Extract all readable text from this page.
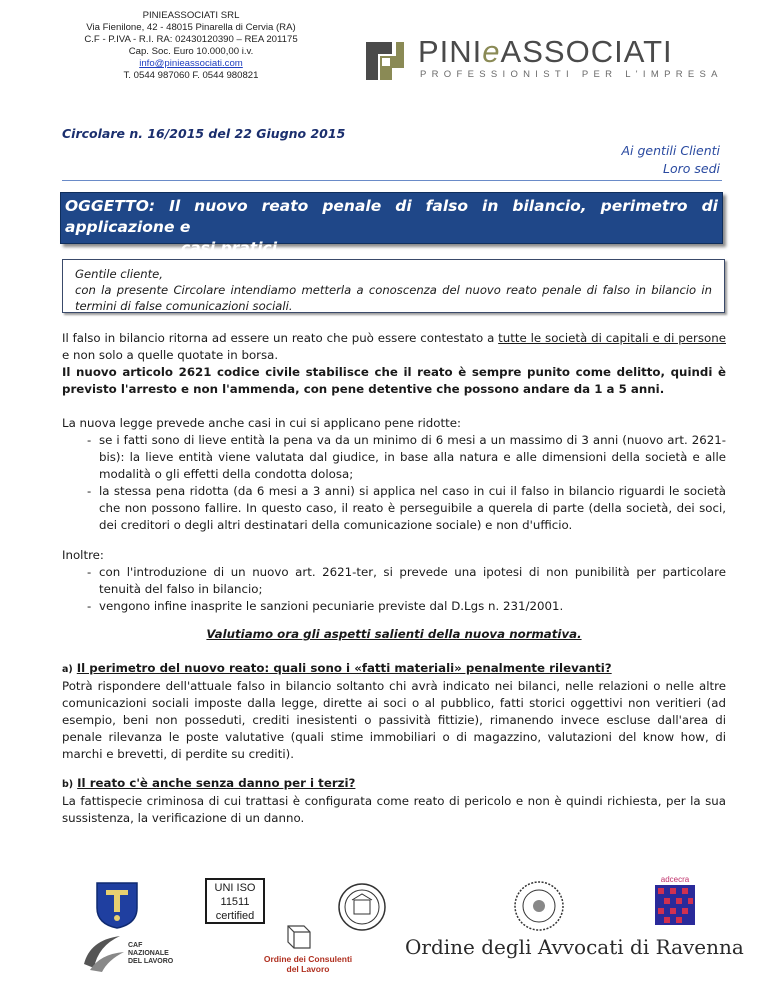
PINIEASSOCIATI SRL
Via Fienilone, 42 - 48015 Pinarella di Cervia (RA)
C.F - P.IVA - R.I. RA: 02430120390 – REA 201175
Cap. Soc. Euro 10.000,00 i.v.
info@pinieassociati.com
T. 0544 987060 F. 0544 980821
PINIeASSOCIATI
PROFESSIONISTI PER L'IMPRESA
Circolare n. 16/2015 del 22 Giugno 2015
Ai gentili Clienti
Loro sedi
OGGETTO: Il nuovo reato penale di falso in bilancio, perimetro di applicazione e
casi pratici.
Gentile cliente,
con la presente Circolare intendiamo metterla a conoscenza del nuovo reato penale di falso in bilancio in termini di false comunicazioni sociali.
Il falso in bilancio ritorna ad essere un reato che può essere contestato a tutte le società di capitali e di persone e non solo a quelle quotate in borsa.
Il nuovo articolo 2621 codice civile stabilisce che il reato è sempre punito come delitto, quindi è previsto l'arresto e non l'ammenda, con pene detentive che possono andare da 1 a 5 anni.
La nuova legge prevede anche casi in cui si applicano pene ridotte:
- se i fatti sono di lieve entità la pena va da un minimo di 6 mesi a un massimo di 3 anni (nuovo art. 2621-bis): la lieve entità viene valutata dal giudice, in base alla natura e alle dimensioni della società e alle modalità o gli effetti della condotta dolosa;
- la stessa pena ridotta (da 6 mesi a 3 anni) si applica nel caso in cui il falso in bilancio riguardi le società che non possono fallire. In questo caso, il reato è perseguibile a querela di parte (della società, dei soci, dei creditori o degli altri destinatari della comunicazione sociale) e non d'ufficio.
Inoltre:
- con l'introduzione di un nuovo art. 2621-ter, si prevede una ipotesi di non punibilità per particolare tenuità del falso in bilancio;
- vengono infine inasprite le sanzioni pecuniarie previste dal D.Lgs n. 231/2001.
Valutiamo ora gli aspetti salienti della nuova normativa.
a) Il perimetro del nuovo reato: quali sono i «fatti materiali» penalmente rilevanti?
Potrà rispondere dell'attuale falso in bilancio soltanto chi avrà indicato nei bilanci, nelle relazioni o nelle altre comunicazioni sociali imposte dalla legge, dirette ai soci o al pubblico, fatti storici oggettivi non veritieri (ad esempio, beni non posseduti, crediti inesistenti o passività fittizie), rimanendo invece escluse dall'area di penale rilevanza le poste valutative (quali stime immobiliari o di magazzino, valutazioni del know how, di marchi e brevetti, di perdite su crediti).
b) Il reato c'è anche senza danno per i terzi?
La fattispecie criminosa di cui trattasi è configurata come reato di pericolo e non è quindi richiesta, per la sua sussistenza, la verificazione di un danno.
UNI ISO
11511
certified
adcecra
CAF
NAZIONALE
DEL LAVORO	Ordine dei Consulenti
del Lavoro
Ordine degli Avvocati di Ravenna
